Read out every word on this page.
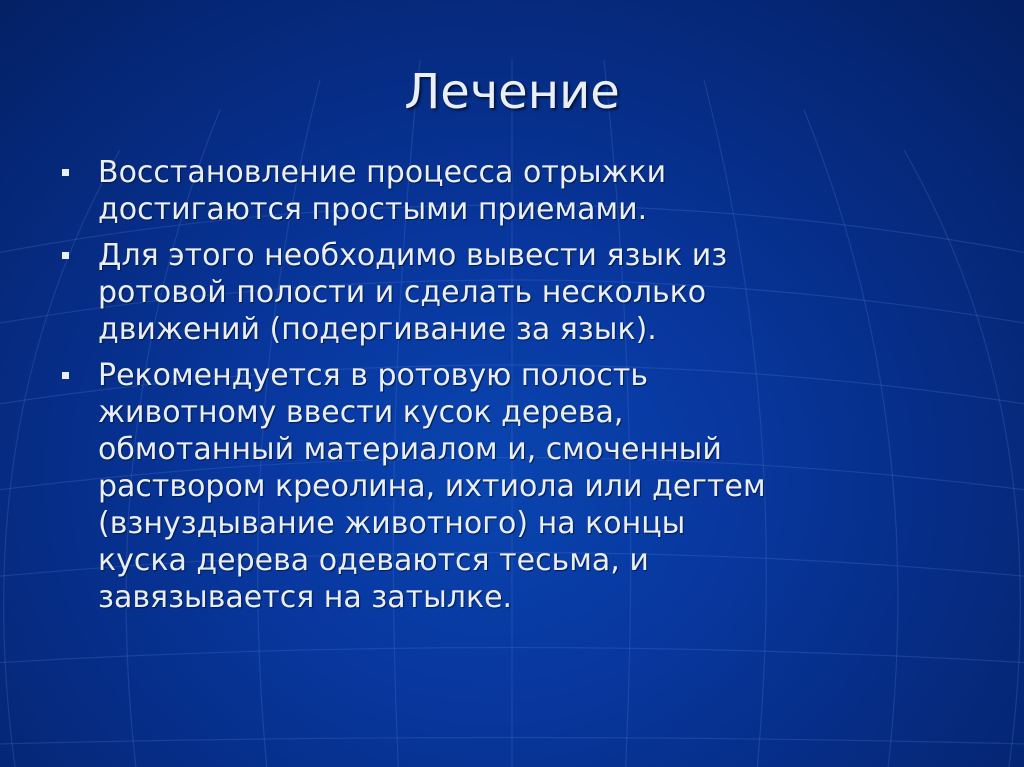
Лечение
Восстановление процесса отрыжки
достигаются простыми приемами.
Для этого необходимо вывести язык из
ротовой полости и сделать несколько
движений (подергивание за язык).
Рекомендуется в ротовую полость
животному ввести кусок дерева,
обмотанный материалом и, смоченный
раствором креолина, ихтиола или дегтем
(взнуздывание животного) на концы
куска дерева одеваются тесьма, и
завязывается на затылке.
